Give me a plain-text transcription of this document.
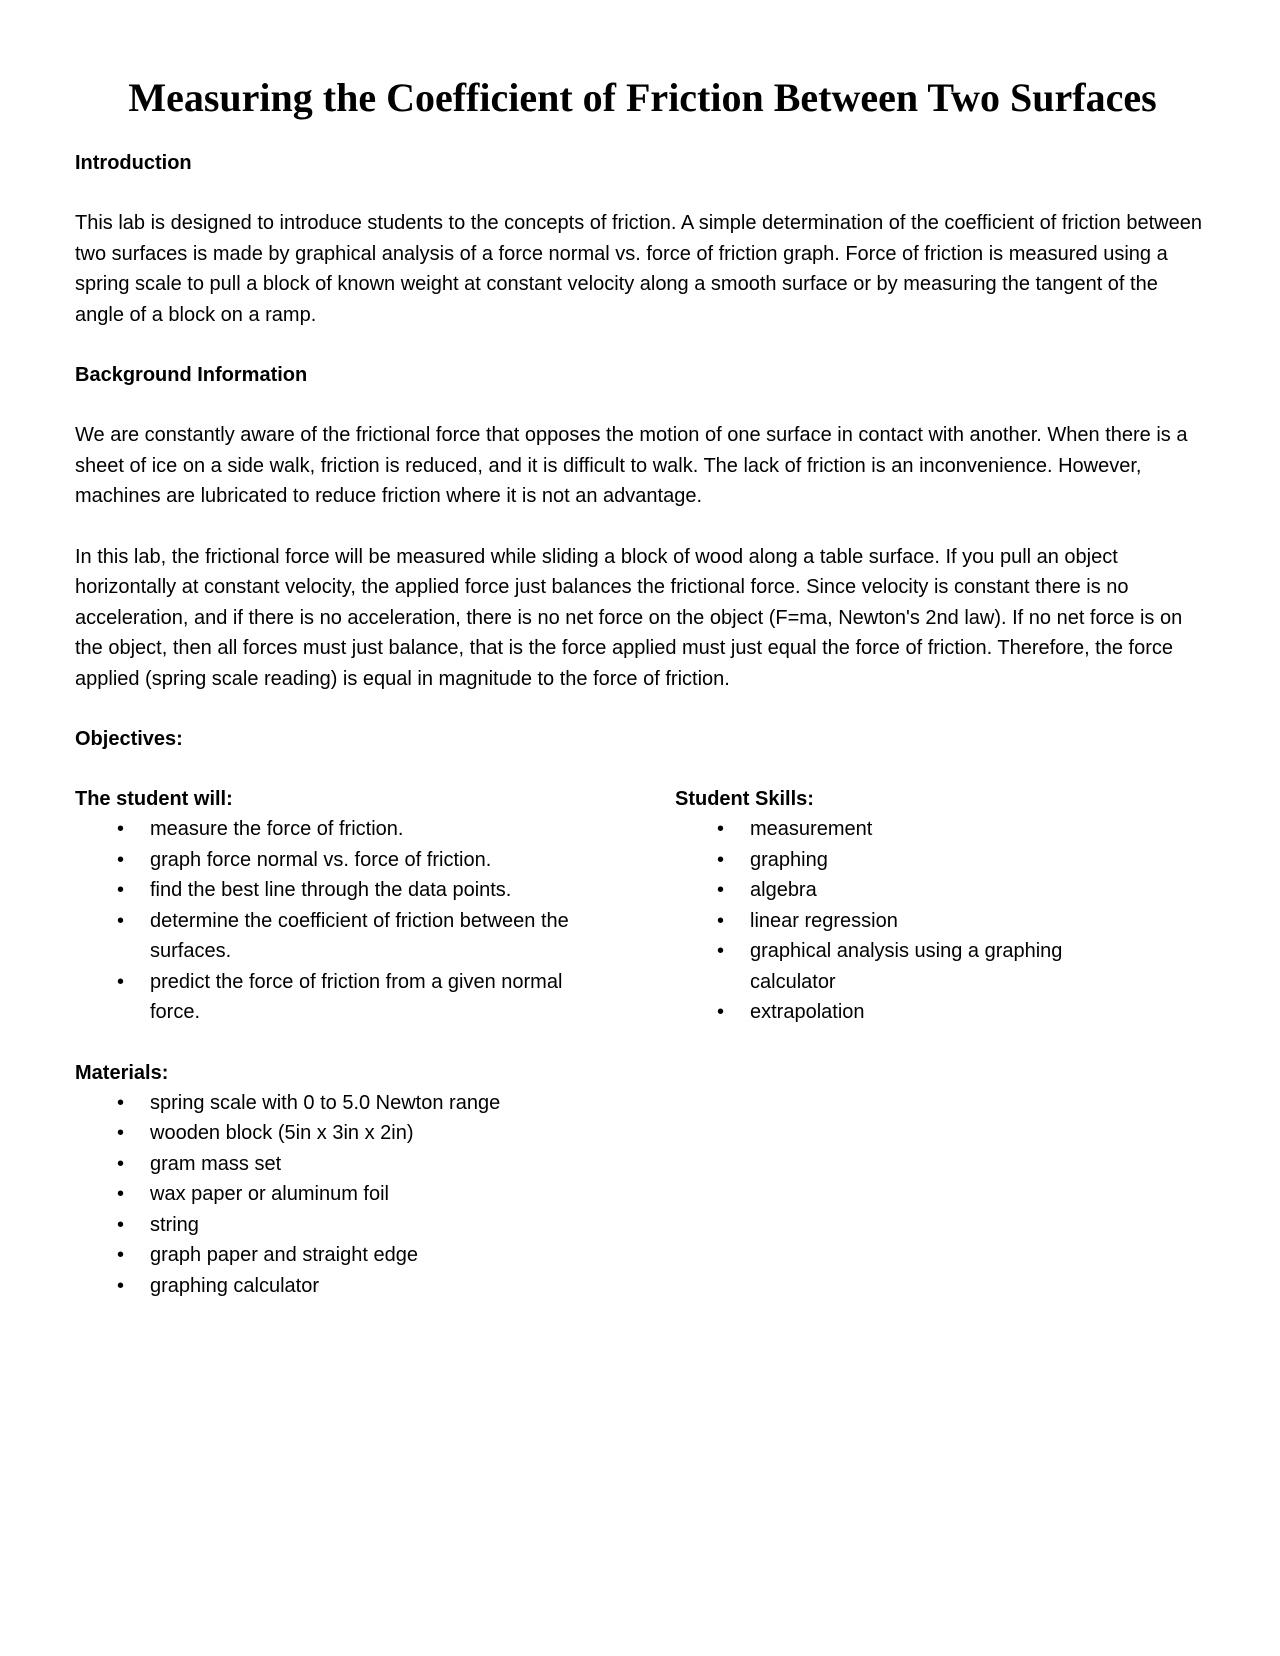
Measuring the Coefficient of Friction Between Two Surfaces
Introduction

This lab is designed to introduce students to the concepts of friction. A simple determination of the coefficient of friction between two surfaces is made by graphical analysis of a force normal vs. force of friction graph. Force of friction is measured using a spring scale to pull a block of known weight at constant velocity along a smooth surface or by measuring the tangent of the angle of a block on a ramp.

Background Information

We are constantly aware of the frictional force that opposes the motion of one surface in contact with another. When there is a sheet of ice on a side walk, friction is reduced, and it is difficult to walk. The lack of friction is an inconvenience. However, machines are lubricated to reduce friction where it is not an advantage.

In this lab, the frictional force will be measured while sliding a block of wood along a table surface. If you pull an object horizontally at constant velocity, the applied force just balances the frictional force. Since velocity is constant there is no acceleration, and if there is no acceleration, there is no net force on the object (F=ma, Newton's 2nd law). If no net force is on the object, then all forces must just balance, that is the force applied must just equal the force of friction. Therefore, the force applied (spring scale reading) is equal in magnitude to the force of friction.

Objectives:
The student will:
• measure the force of friction.
• graph force normal vs. force of friction.
• find the best line through the data points.
• determine the coefficient of friction between the surfaces.
• predict the force of friction from a given normal force.
Student Skills:
• measurement
• graphing
• algebra
• linear regression
• graphical analysis using a graphing calculator
• extrapolation
Materials:
• spring scale with 0 to 5.0 Newton range
• wooden block (5in x 3in x 2in)
• gram mass set
• wax paper or aluminum foil
• string
• graph paper and straight edge
• graphing calculator
